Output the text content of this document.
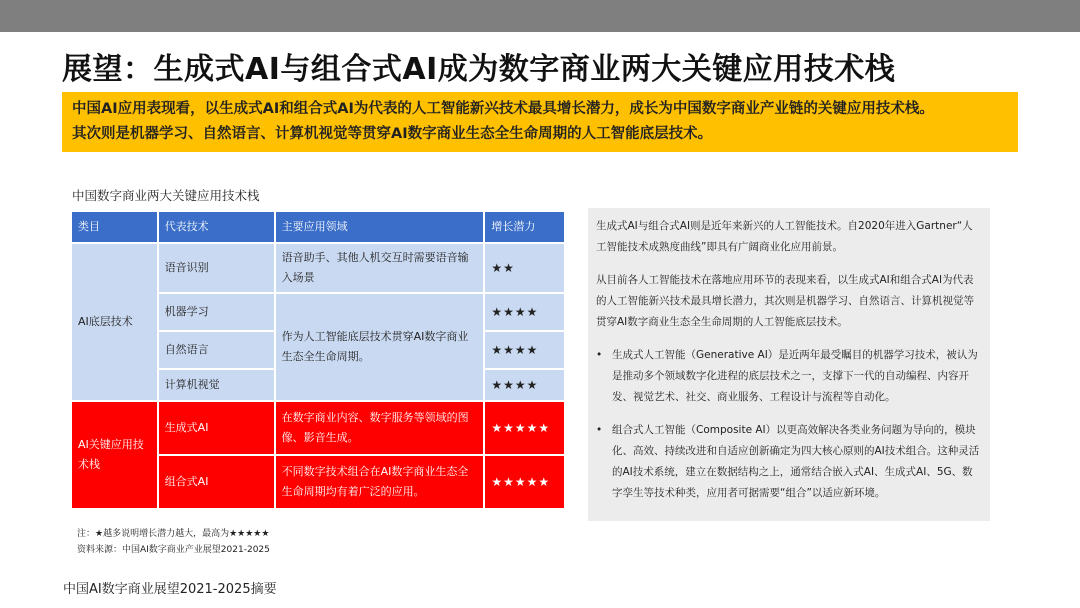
展望：生成式AI与组合式AI成为数字商业两大关键应用技术栈
中国AI应用表现看，以生成式AI和组合式AI为代表的人工智能新兴技术最具增长潜力，成长为中国数字商业产业链的关键应用技术栈。
其次则是机器学习、自然语言、计算机视觉等贯穿AI数字商业生态全生命周期的人工智能底层技术。
中国数字商业两大关键应用技术栈
类目	代表技术	主要应用领域	增长潜力
AI底层技术	语音识别	语音助手、其他人机交互时需要语音输入场景	★★
	机器学习	作为人工智能底层技术贯穿AI数字商业生态全生命周期。	★★★★
	自然语言		★★★★
	计算机视觉		★★★★
AI关键应用技术栈	生成式AI	在数字商业内容、数字服务等领域的图像、影音生成。	★★★★★
	组合式AI	不同数字技术组合在AI数字商业生态全生命周期均有着广泛的应用。	★★★★★
注：★越多说明增长潜力越大，最高为★★★★★
资料来源：中国AI数字商业产业展望2021-2025

生成式AI与组合式AI则是近年来新兴的人工智能技术。自2020年进入Gartner“人工智能技术成熟度曲线”即具有广阔商业化应用前景。

从目前各人工智能技术在落地应用环节的表现来看，以生成式AI和组合式AI为代表的人工智能新兴技术最具增长潜力，其次则是机器学习、自然语言、计算机视觉等贯穿AI数字商业生态全生命周期的人工智能底层技术。

• 生成式人工智能（Generative AI）是近两年最受瞩目的机器学习技术，被认为是推动多个领域数字化进程的底层技术之一，支撑下一代的自动编程、内容开发、视觉艺术、社交、商业服务、工程设计与流程等自动化。
• 组合式人工智能（Composite AI）以更高效解决各类业务问题为导向的，模块化、高效、持续改进和自适应创新确定为四大核心原则的AI技术组合。这种灵活的AI技术系统，建立在数据结构之上，通常结合嵌入式AI、生成式AI、5G、数字孪生等技术种类，应用者可据需要“组合”以适应新环境。
中国AI数字商业展望2021-2025摘要
